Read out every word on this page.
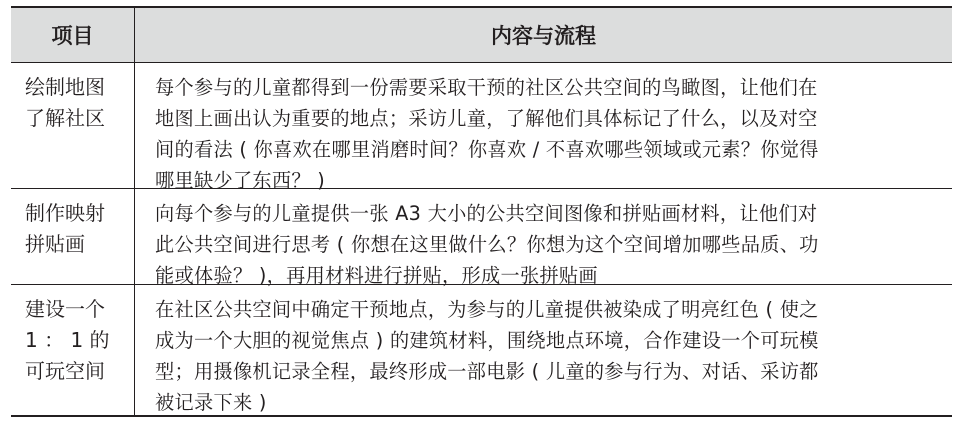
项目	内容与流程
绘制地图
了解社区
每个参与的儿童都得到一份需要采取干预的社区公共空间的鸟瞰图，让他们在
地图上画出认为重要的地点；采访儿童，了解他们具体标记了什么，以及对空
间的看法 ( 你喜欢在哪里消磨时间？你喜欢 / 不喜欢哪些领域或元素？你觉得
哪里缺少了东西？ )
制作映射
拼贴画
向每个参与的儿童提供一张 A3 大小的公共空间图像和拼贴画材料，让他们对
此公共空间进行思考 ( 你想在这里做什么？你想为这个空间增加哪些品质、功
能或体验？ )，再用材料进行拼贴，形成一张拼贴画
建设一个
1 ： 1 的
可玩空间
在社区公共空间中确定干预地点，为参与的儿童提供被染成了明亮红色 ( 使之
成为一个大胆的视觉焦点 ) 的建筑材料，围绕地点环境，合作建设一个可玩模
型；用摄像机记录全程，最终形成一部电影 ( 儿童的参与行为、对话、采访都
被记录下来 )
